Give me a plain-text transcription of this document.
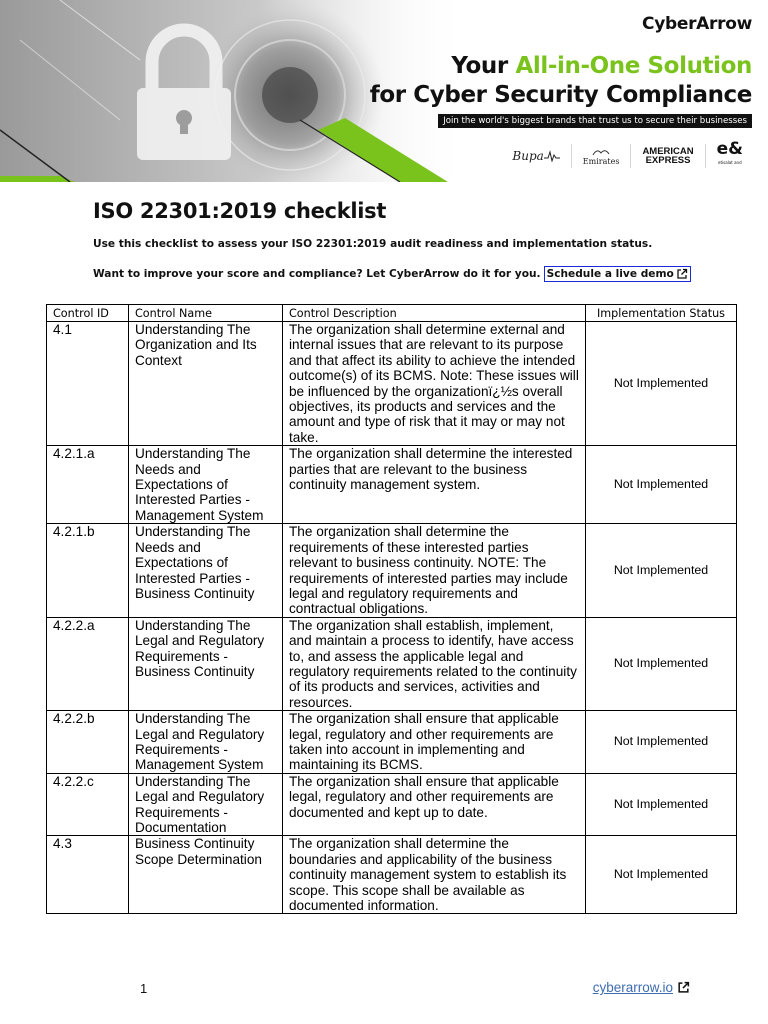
CyberArrow
Your All-in-One Solution
for Cyber Security Compliance
Join the world's biggest brands that trust us to secure their businesses
Bupa	Emirates
AMERICAN
EXPRESS
e&
etisalat and
ISO 22301:2019 checklist
Use this checklist to assess your ISO 22301:2019 audit readiness and implementation status.
Want to improve your score and compliance? Let CyberArrow do it for you. Schedule a live demo
Control ID	Control Name	Control Description	Implementation Status
4.1	Understanding The Organization and Its Context	The organization shall determine external and internal issues that are relevant to its purpose and that affect its ability to achieve the intended outcome(s) of its BCMS. Note: These issues will be influenced by the organizationï¿½s overall objectives, its products and services and the amount and type of risk that it may or may not take.	Not Implemented
4.2.1.a	Understanding The Needs and Expectations of Interested Parties - Management System	The organization shall determine the interested parties that are relevant to the business continuity management system.	Not Implemented
4.2.1.b	Understanding The Needs and Expectations of Interested Parties - Business Continuity	The organization shall determine the requirements of these interested parties relevant to business continuity. NOTE: The requirements of interested parties may include legal and regulatory requirements and contractual obligations.	Not Implemented
4.2.2.a	Understanding The Legal and Regulatory Requirements - Business Continuity	The organization shall establish, implement, and maintain a process to identify, have access to, and assess the applicable legal and regulatory requirements related to the continuity of its products and services, activities and resources.	Not Implemented
4.2.2.b	Understanding The Legal and Regulatory Requirements - Management System	The organization shall ensure that applicable legal, regulatory and other requirements are taken into account in implementing and maintaining its BCMS.	Not Implemented
4.2.2.c	Understanding The Legal and Regulatory Requirements - Documentation	The organization shall ensure that applicable legal, regulatory and other requirements are documented and kept up to date.	Not Implemented
4.3	Business Continuity Scope Determination	The organization shall determine the boundaries and applicability of the business continuity management system to establish its scope. This scope shall be available as documented information.	Not Implemented
1	cyberarrow.io
